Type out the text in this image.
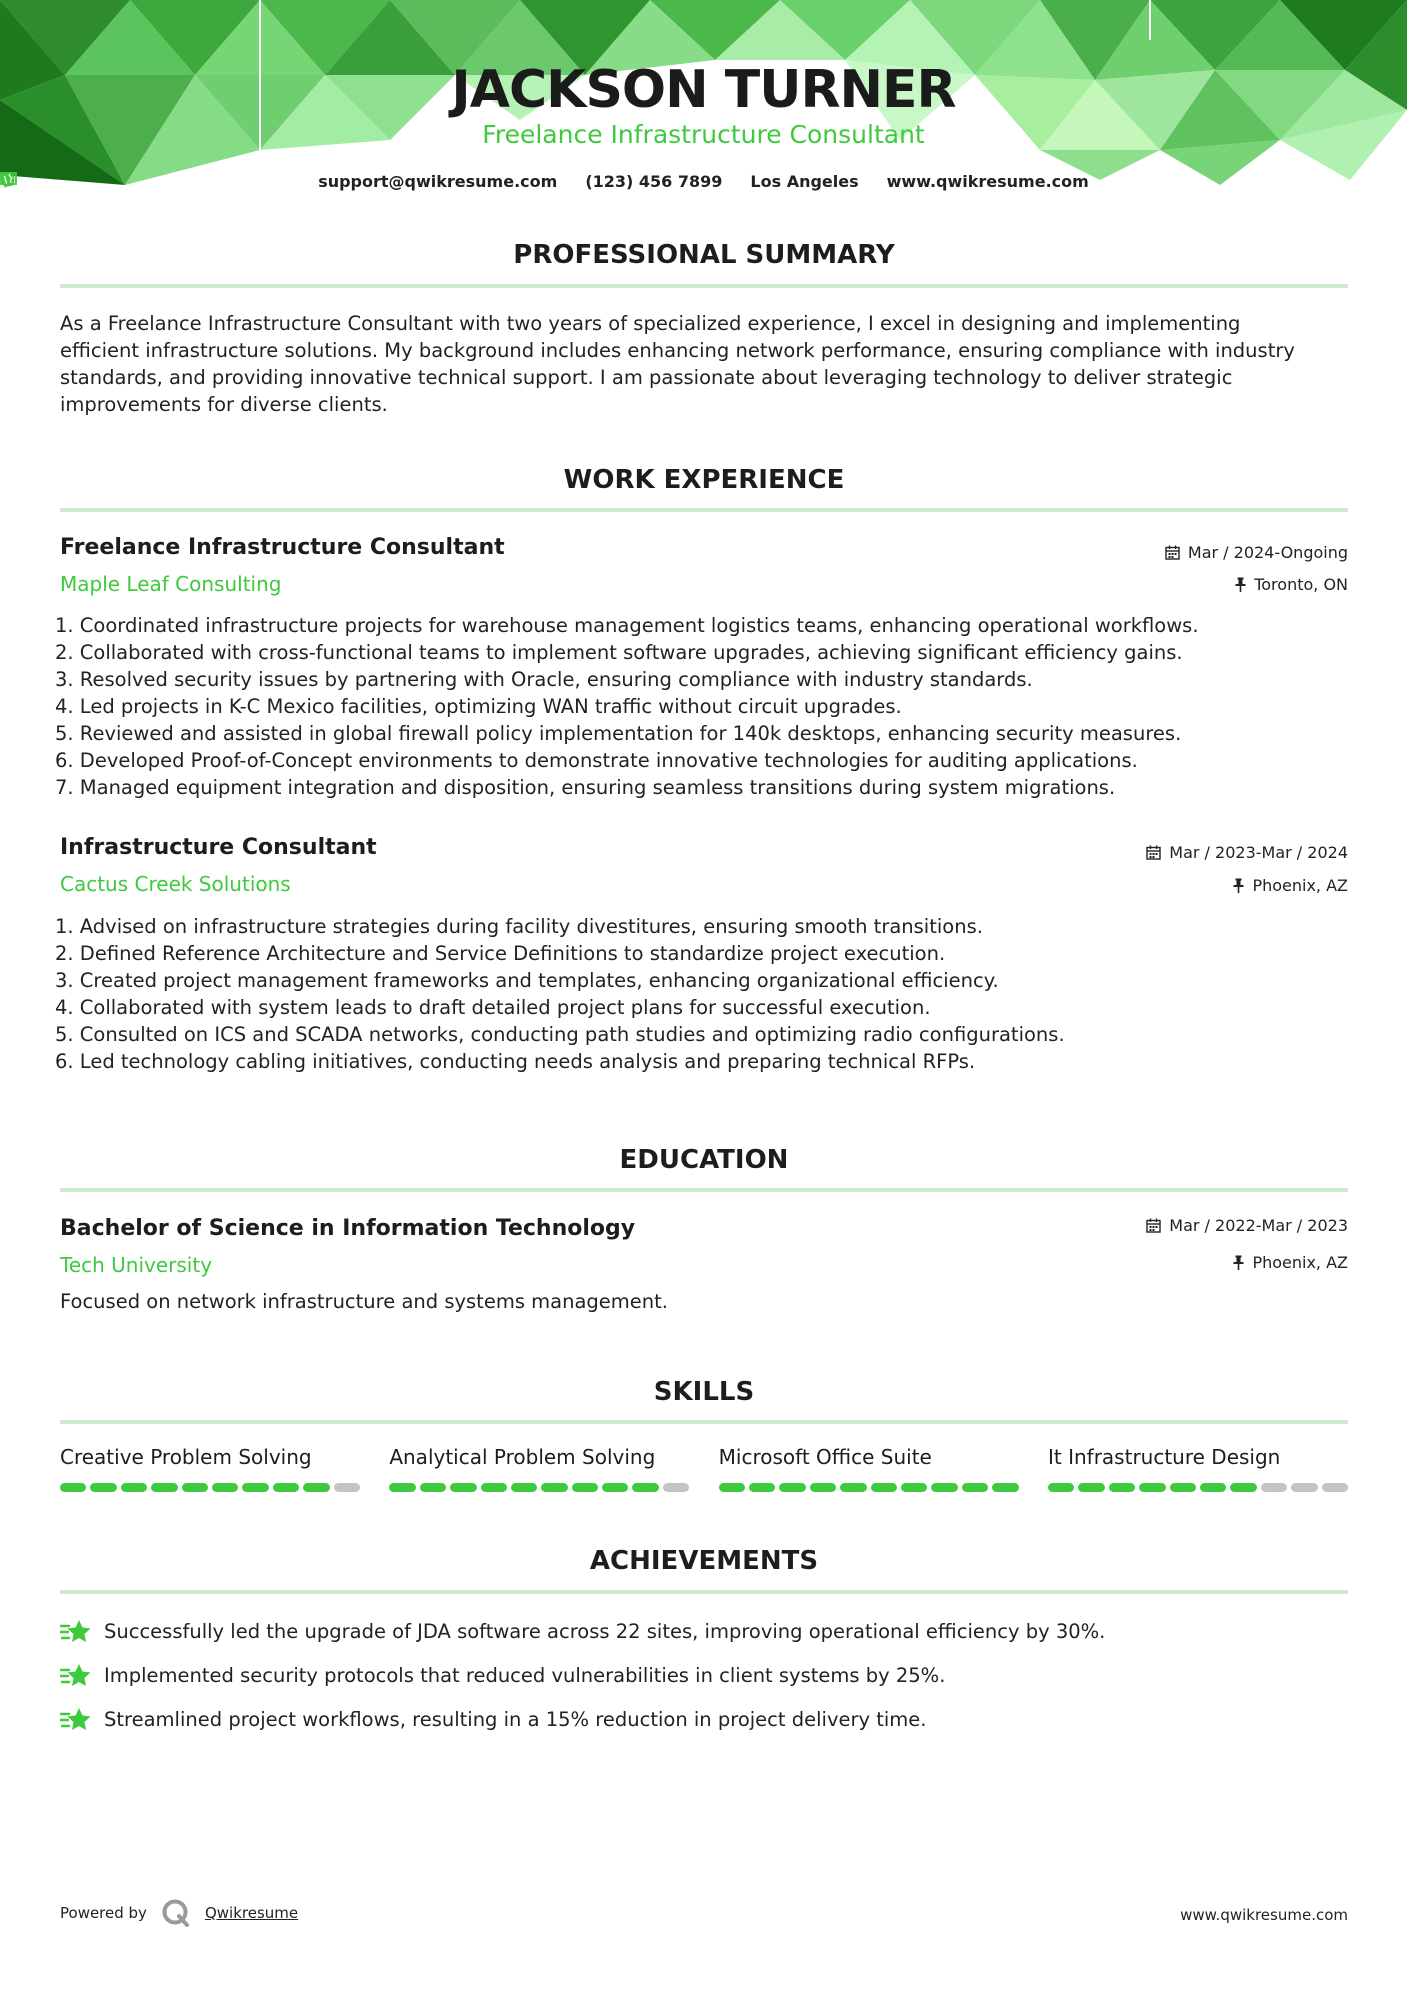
JACKSON TURNER
Freelance Infrastructure Consultant
support@qwikresume.com (123) 456 7899 Los Angeles www.qwikresume.com
PROFESSIONAL SUMMARY
As a Freelance Infrastructure Consultant with two years of specialized experience, I excel in designing and implementing
efficient infrastructure solutions. My background includes enhancing network performance, ensuring compliance with industry
standards, and providing innovative technical support. I am passionate about leveraging technology to deliver strategic
improvements for diverse clients.
WORK EXPERIENCE
Freelance Infrastructure Consultant	Mar / 2024-Ongoing
Maple Leaf Consulting	Toronto, ON
1. Coordinated infrastructure projects for warehouse management logistics teams, enhancing operational workflows.
2. Collaborated with cross-functional teams to implement software upgrades, achieving significant efficiency gains.
3. Resolved security issues by partnering with Oracle, ensuring compliance with industry standards.
4. Led projects in K-C Mexico facilities, optimizing WAN traffic without circuit upgrades.
5. Reviewed and assisted in global firewall policy implementation for 140k desktops, enhancing security measures.
6. Developed Proof-of-Concept environments to demonstrate innovative technologies for auditing applications.
7. Managed equipment integration and disposition, ensuring seamless transitions during system migrations.
Infrastructure Consultant	Mar / 2023-Mar / 2024
Cactus Creek Solutions	Phoenix, AZ
1. Advised on infrastructure strategies during facility divestitures, ensuring smooth transitions.
2. Defined Reference Architecture and Service Definitions to standardize project execution.
3. Created project management frameworks and templates, enhancing organizational efficiency.
4. Collaborated with system leads to draft detailed project plans for successful execution.
5. Consulted on ICS and SCADA networks, conducting path studies and optimizing radio configurations.
6. Led technology cabling initiatives, conducting needs analysis and preparing technical RFPs.
EDUCATION
Bachelor of Science in Information Technology	Mar / 2022-Mar / 2023
Tech University	Phoenix, AZ
Focused on network infrastructure and systems management.
SKILLS
Creative Problem Solving	Analytical Problem Solving	Microsoft Office Suite	It Infrastructure Design
ACHIEVEMENTS
Successfully led the upgrade of JDA software across 22 sites, improving operational efficiency by 30%.
Implemented security protocols that reduced vulnerabilities in client systems by 25%.
Streamlined project workflows, resulting in a 15% reduction in project delivery time.
Powered by	Qwikresume	www.qwikresume.com
